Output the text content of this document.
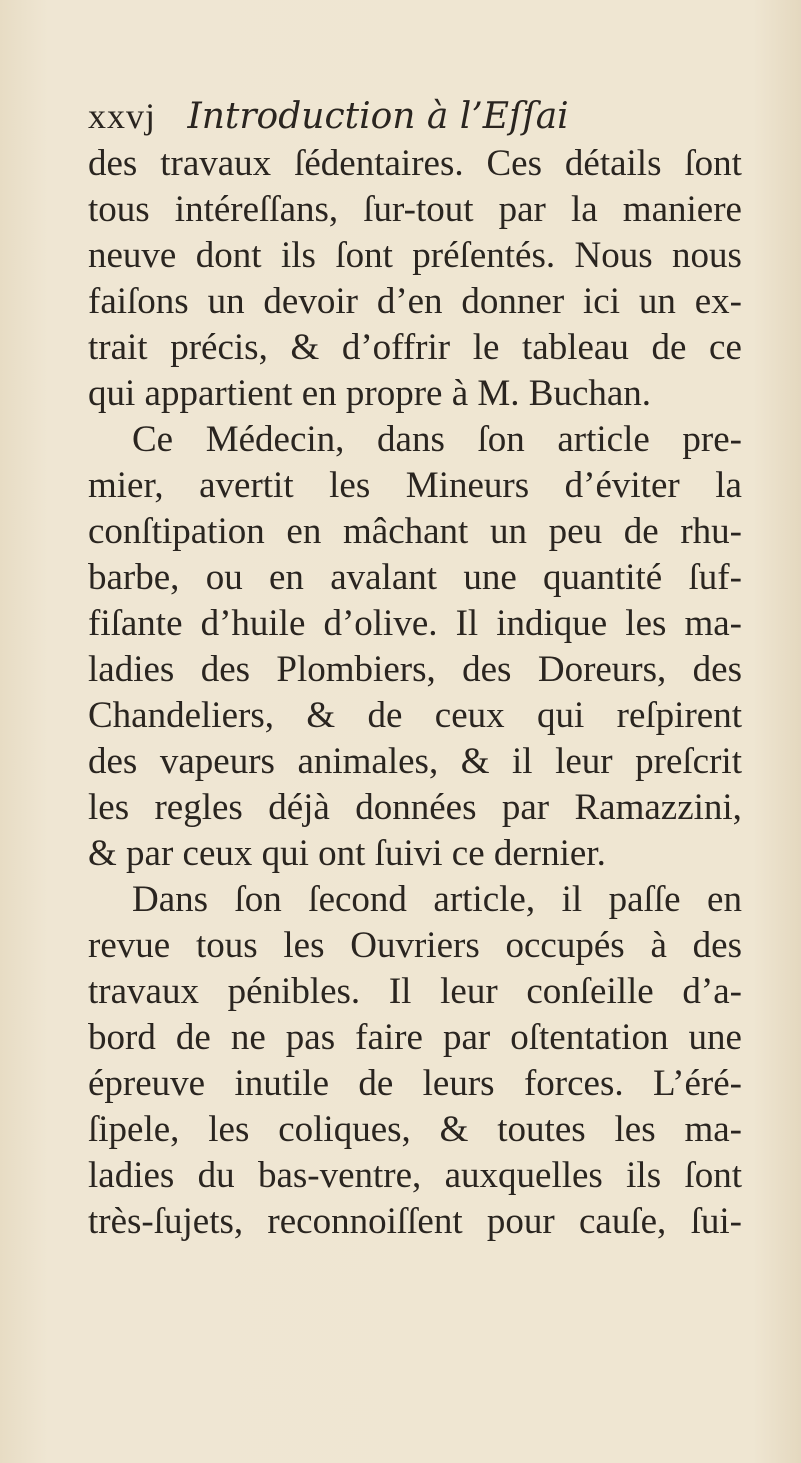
xxvj Introduction à l’Eſſai
des travaux ſédentaires. Ces détails ſont
tous intéreſſans, ſur-tout par la maniere
neuve dont ils ſont préſentés. Nous nous
faiſons un devoir d’en donner ici un ex-
trait précis, & d’offrir le tableau de ce
qui appartient en propre à M. Buchan.
Ce Médecin, dans ſon article pre-
mier, avertit les Mineurs d’éviter la
conſtipation en mâchant un peu de rhu-
barbe, ou en avalant une quantité ſuf-
fiſante d’huile d’olive. Il indique les ma-
ladies des Plombiers, des Doreurs, des
Chandeliers, & de ceux qui reſpirent
des vapeurs animales, & il leur preſcrit
les regles déjà données par Ramazzini,
& par ceux qui ont ſuivi ce dernier.
Dans ſon ſecond article, il paſſe en
revue tous les Ouvriers occupés à des
travaux pénibles. Il leur conſeille d’a-
bord de ne pas faire par oſtentation une
épreuve inutile de leurs forces. L’éré-
ſipele, les coliques, & toutes les ma-
ladies du bas-ventre, auxquelles ils ſont
très-ſujets, reconnoiſſent pour cauſe, ſui-
